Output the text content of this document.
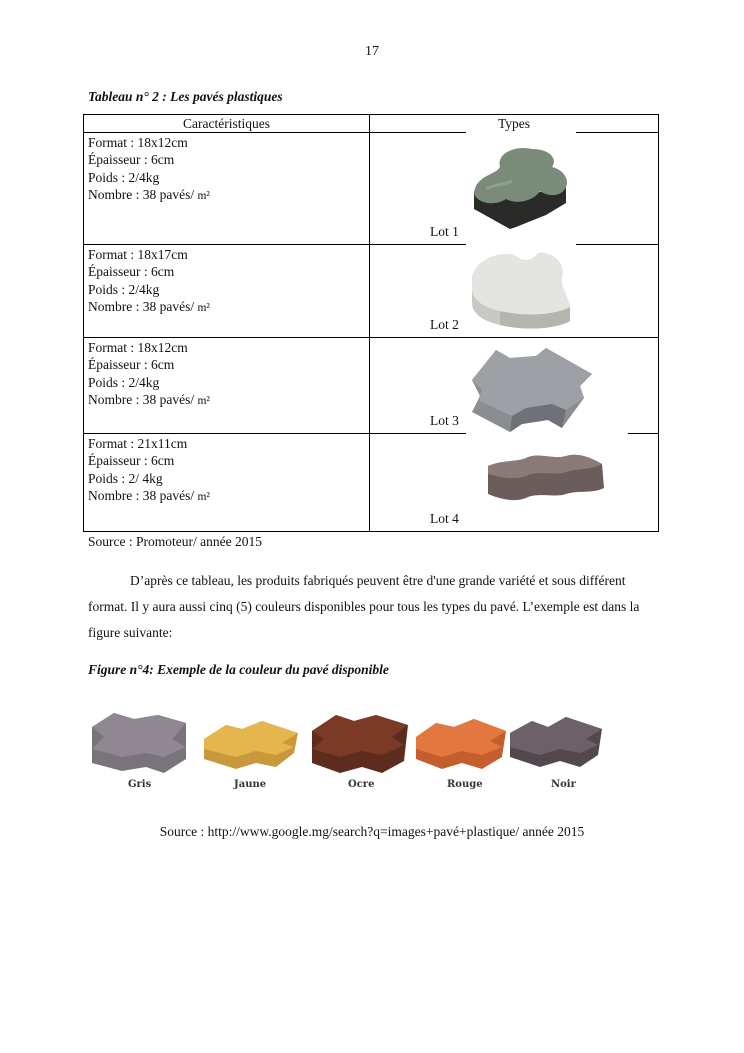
17
Tableau n° 2 : Les pavés plastiques
Caractéristiques	Types

Format : 18x12cm
Épaisseur : 6cm
Poids : 2/4kg
Nombre : 38 pavés/ m²	Lot 1

Format : 18x17cm
Épaisseur : 6cm
Poids : 2/4kg
Nombre : 38 pavés/ m²	Lot 2

Format : 18x12cm
Épaisseur : 6cm
Poids : 2/4kg
Nombre : 38 pavés/ m²	Lot 3

Format : 21x11cm
Épaisseur : 6cm
Poids : 2/ 4kg
Nombre : 38 pavés/ m²	Lot 4
Source : Promoteur/ année 2015
D’après ce tableau, les produits fabriqués peuvent être d'une grande variété et sous différent format. Il y aura aussi cinq (5) couleurs disponibles pour tous les types du pavé. L’exemple est dans la figure suivante:
Figure n°4: Exemple de la couleur du pavé disponible
Gris	Jaune	Ocre	Rouge	Noir
Source : http://www.google.mg/search?q=images+pavé+plastique/ année 2015
